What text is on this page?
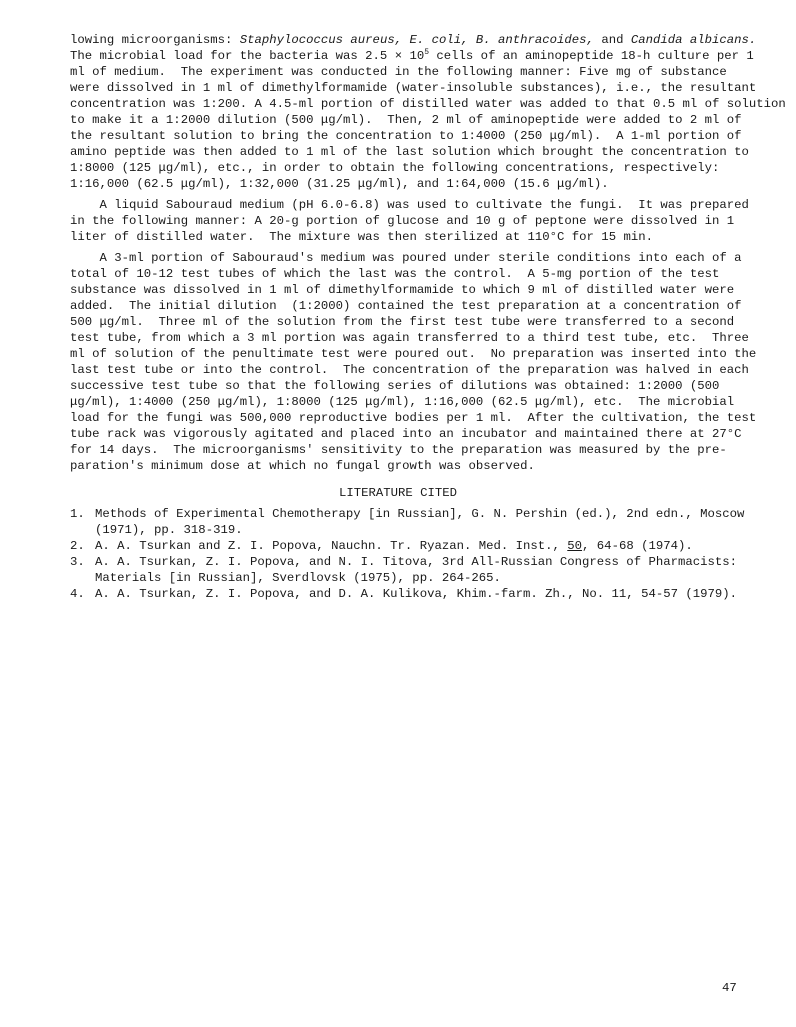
lowing microorganisms: Staphylococcus aureus, E. coli, B. anthracoides, and Candida albicans.
The microbial load for the bacteria was $2.5 \times 10^5$ cells of an aminopeptide 18-h culture per 1
ml of medium.  The experiment was conducted in the following manner: Five mg of substance
were dissolved in 1 ml of dimethylformamide (water-insoluble substances), i.e., the resultant
concentration was 1:200. A 4.5-ml portion of distilled water was added to that 0.5 ml of solution
to make it a 1:2000 dilution (500 μg/ml).  Then, 2 ml of aminopeptide were added to 2 ml of
the resultant solution to bring the concentration to 1:4000 (250 μg/ml).  A 1-ml portion of
amino peptide was then added to 1 ml of the last solution which brought the concentration to
1:8000 (125 μg/ml), etc., in order to obtain the following concentrations, respectively:
1:16,000 (62.5 μg/ml), 1:32,000 (31.25 μg/ml), and 1:64,000 (15.6 μg/ml).
A liquid Sabouraud medium (pH 6.0-6.8) was used to cultivate the fungi.  It was prepared
in the following manner: A 20-g portion of glucose and 10 g of peptone were dissolved in 1
liter of distilled water.  The mixture was then sterilized at 110°C for 15 min.
A 3-ml portion of Sabouraud's medium was poured under sterile conditions into each of a
total of 10-12 test tubes of which the last was the control.  A 5-mg portion of the test
substance was dissolved in 1 ml of dimethylformamide to which 9 ml of distilled water were
added.  The initial dilution  (1:2000) contained the test preparation at a concentration of
500 μg/ml.  Three ml of the solution from the first test tube were transferred to a second
test tube, from which a 3 ml portion was again transferred to a third test tube, etc.  Three
ml of solution of the penultimate test were poured out.  No preparation was inserted into the
last test tube or into the control.  The concentration of the preparation was halved in each
successive test tube so that the following series of dilutions was obtained: 1:2000 (500
μg/ml), 1:4000 (250 μg/ml), 1:8000 (125 μg/ml), 1:16,000 (62.5 μg/ml), etc.  The microbial
load for the fungi was 500,000 reproductive bodies per 1 ml.  After the cultivation, the test
tube rack was vigorously agitated and placed into an incubator and maintained there at 27°C
for 14 days.  The microorganisms' sensitivity to the preparation was measured by the pre-
paration's minimum dose at which no fungal growth was observed.
LITERATURE CITED
1. Methods of Experimental Chemotherapy [in Russian], G. N. Pershin (ed.), 2nd edn., Moscow
(1971), pp. 318-319.
2. A. A. Tsurkan and Z. I. Popova, Nauchn. Tr. Ryazan. Med. Inst., 50, 64-68 (1974).
3. A. A. Tsurkan, Z. I. Popova, and N. I. Titova, 3rd All-Russian Congress of Pharmacists:
Materials [in Russian], Sverdlovsk (1975), pp. 264-265.
4. A. A. Tsurkan, Z. I. Popova, and D. A. Kulikova, Khim.-farm. Zh., No. 11, 54-57 (1979).
47
